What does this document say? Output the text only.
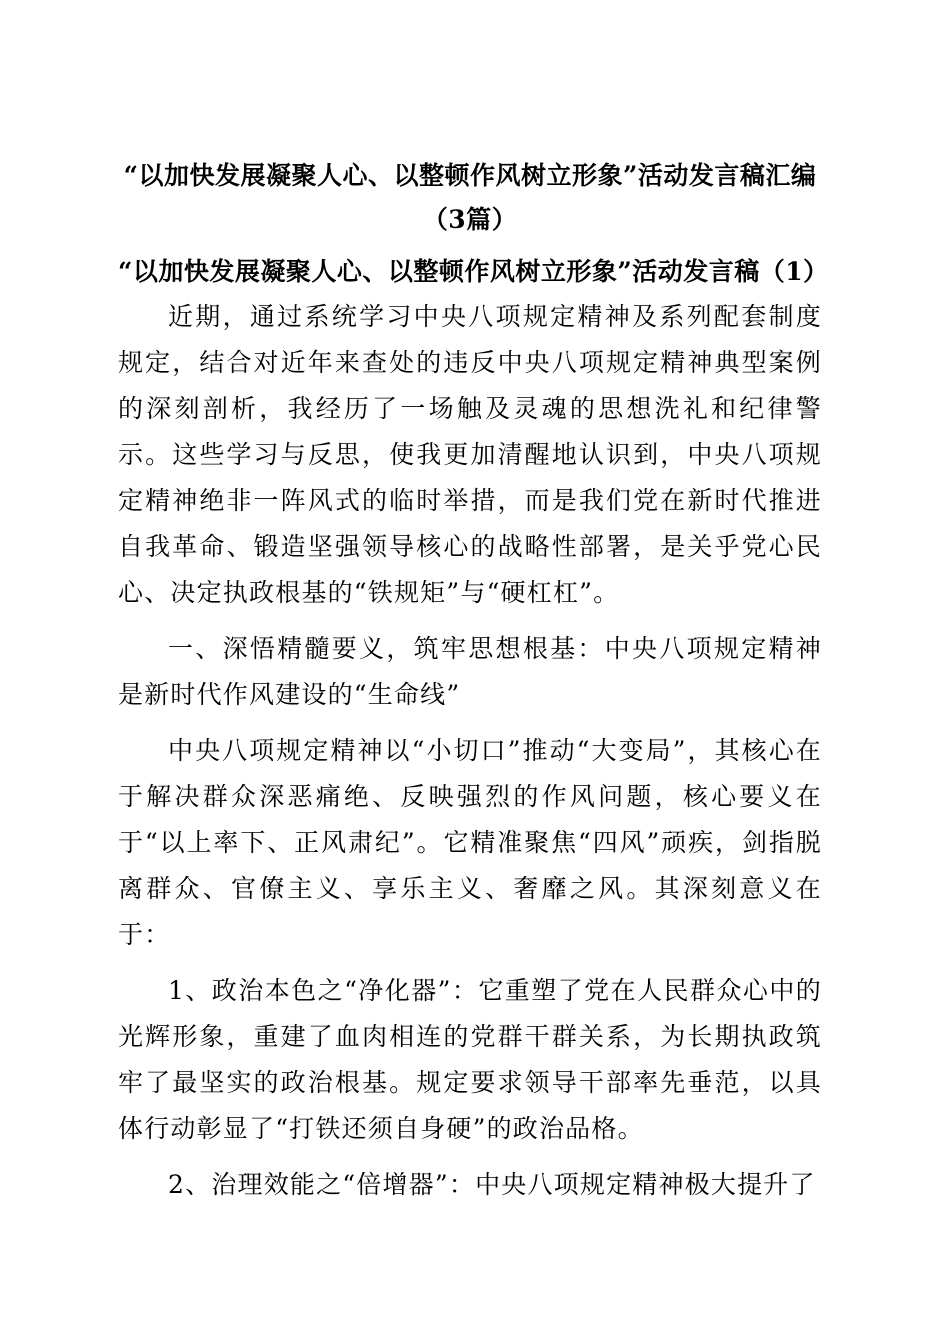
“以加快发展凝聚人心、以整顿作风树立形象”活动发言稿汇编（3篇）
“以加快发展凝聚人心、以整顿作风树立形象”活动发言稿（1）

近期，通过系统学习中央八项规定精神及系列配套制度规定，结合对近年来查处的违反中央八项规定精神典型案例的深刻剖析，我经历了一场触及灵魂的思想洗礼和纪律警示。这些学习与反思，使我更加清醒地认识到，中央八项规定精神绝非一阵风式的临时举措，而是我们党在新时代推进自我革命、锻造坚强领导核心的战略性部署，是关乎党心民心、决定执政根基的“铁规矩”与“硬杠杠”。

一、深悟精髓要义，筑牢思想根基：中央八项规定精神是新时代作风建设的“生命线”

中央八项规定精神以“小切口”推动“大变局”，其核心在于解决群众深恶痛绝、反映强烈的作风问题，核心要义在于“以上率下、正风肃纪”。它精准聚焦“四风”顽疾，剑指脱离群众、官僚主义、享乐主义、奢靡之风。其深刻意义在于：

1、政治本色之“净化器”：它重塑了党在人民群众心中的光辉形象，重建了血肉相连的党群干群关系，为长期执政筑牢了最坚实的政治根基。规定要求领导干部率先垂范，以具体行动彰显了“打铁还须自身硬”的政治品格。

2、治理效能之“倍增器”：中央八项规定精神极大提升了
